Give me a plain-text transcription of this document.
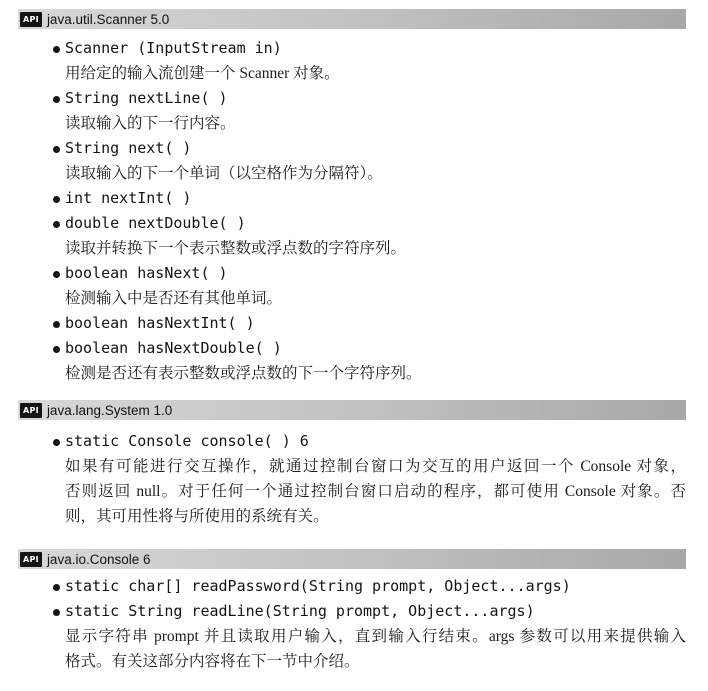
API java.util.Scanner 5.0
Scanner (InputStream in)
用给定的输入流创建一个 Scanner 对象。
String nextLine( )
读取输入的下一行内容。
String next( )
读取输入的下一个单词（以空格作为分隔符）。
int nextInt( )
double nextDouble( )
读取并转换下一个表示整数或浮点数的字符序列。
boolean hasNext( )
检测输入中是否还有其他单词。
boolean hasNextInt( )
boolean hasNextDouble( )
检测是否还有表示整数或浮点数的下一个字符序列。
API java.lang.System 1.0
static Console console( ) 6
如果有可能进行交互操作，就通过控制台窗口为交互的用户返回一个 Console 对象，
否则返回 null。对于任何一个通过控制台窗口启动的程序，都可使用 Console 对象。否
则，其可用性将与所使用的系统有关。
API java.io.Console 6
static char[] readPassword(String prompt, Object...args)
static String readLine(String prompt, Object...args)
显示字符串 prompt 并且读取用户输入，直到输入行结束。args 参数可以用来提供输入
格式。有关这部分内容将在下一节中介绍。
